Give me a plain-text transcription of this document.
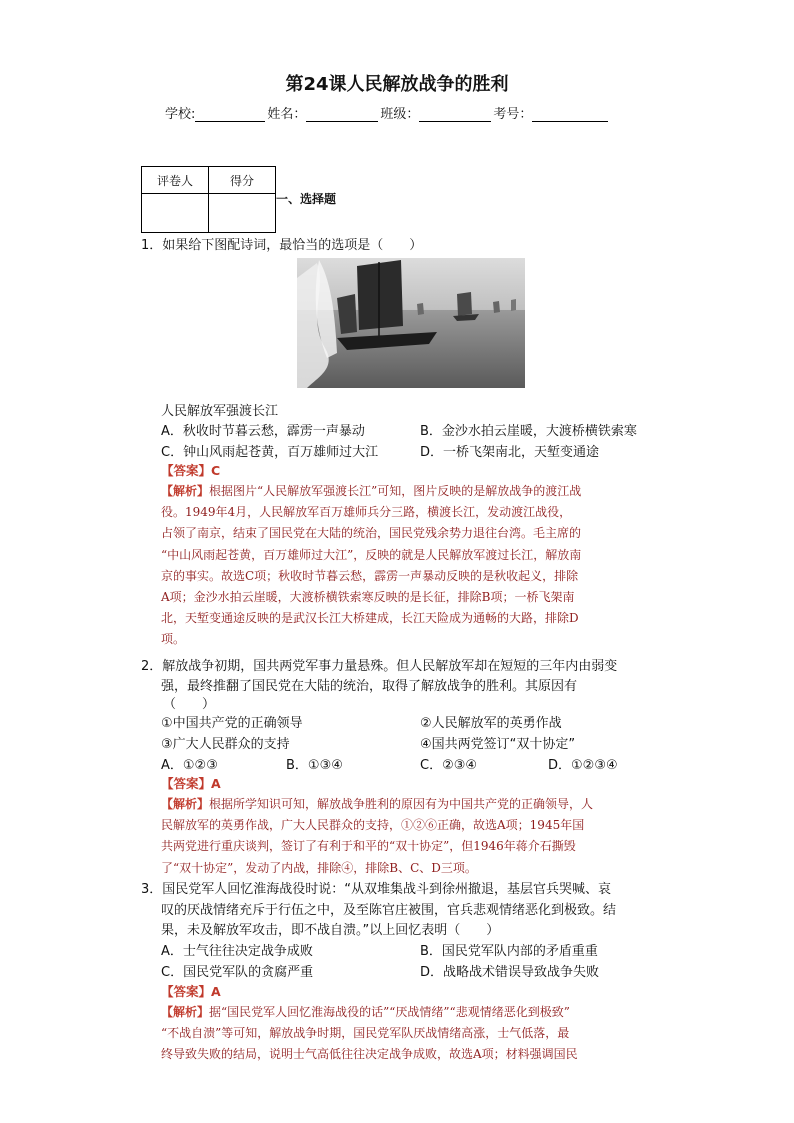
第24课人民解放战争的胜利
学校:	姓名：	班级：	考号：
评卷人	得分

一、选择题
1．如果给下图配诗词，最恰当的选项是（　　）
人民解放军强渡长江
A．秋收时节暮云愁，霹雳一声暴动	B．金沙水拍云崖暖，大渡桥横铁索寒
C．钟山风雨起苍黄，百万雄师过大江	D．一桥飞架南北，天堑变通途
【答案】C
【解析】根据图片“人民解放军强渡长江”可知，图片反映的是解放战争的渡江战
役。1949年4月，人民解放军百万雄师兵分三路，横渡长江，发动渡江战役，
占领了南京，结束了国民党在大陆的统治，国民党残余势力退往台湾。毛主席的
“中山风雨起苍黄，百万雄师过大江”，反映的就是人民解放军渡过长江，解放南
京的事实。故选C项；秋收时节暮云愁，霹雳一声暴动反映的是秋收起义，排除
A项；金沙水拍云崖暖，大渡桥横铁索寒反映的是长征，排除B项；一桥飞架南
北，天堑变通途反映的是武汉长江大桥建成，长江天险成为通畅的大路，排除D
项。
2．解放战争初期，国共两党军事力量悬殊。但人民解放军却在短短的三年内由弱变
强，最终推翻了国民党在大陆的统治，取得了解放战争的胜利。其原因有
（　　）
①中国共产党的正确领导	②人民解放军的英勇作战
③广大人民群众的支持	④国共两党签订“双十协定”
A．①②③	B．①③④	C．②③④	D．①②③④
【答案】A
【解析】根据所学知识可知，解放战争胜利的原因有为中国共产党的正确领导，人
民解放军的英勇作战，广大人民群众的支持，①②⑥正确，故选A项；1945年国
共两党进行重庆谈判，签订了有利于和平的“双十协定”，但1946年蒋介石撕毁
了“双十协定”，发动了内战，排除④，排除B、C、D三项。
3．国民党军人回忆淮海战役时说：“从双堆集战斗到徐州撤退，基层官兵哭喊、哀
叹的厌战情绪充斥于行伍之中，及至陈官庄被围，官兵悲观情绪恶化到极致。结
果，未及解放军攻击，即不战自溃。”以上回忆表明（　　）
A．士气往往决定战争成败	B．国民党军队内部的矛盾重重
C．国民党军队的贪腐严重	D．战略战术错误导致战争失败
【答案】A
【解析】据“国民党军人回忆淮海战役的话”“厌战情绪”“悲观情绪恶化到极致”
“不战自溃”等可知，解放战争时期，国民党军队厌战情绪高涨，士气低落，最
终导致失败的结局，说明士气高低往往决定战争成败，故选A项；材料强调国民
